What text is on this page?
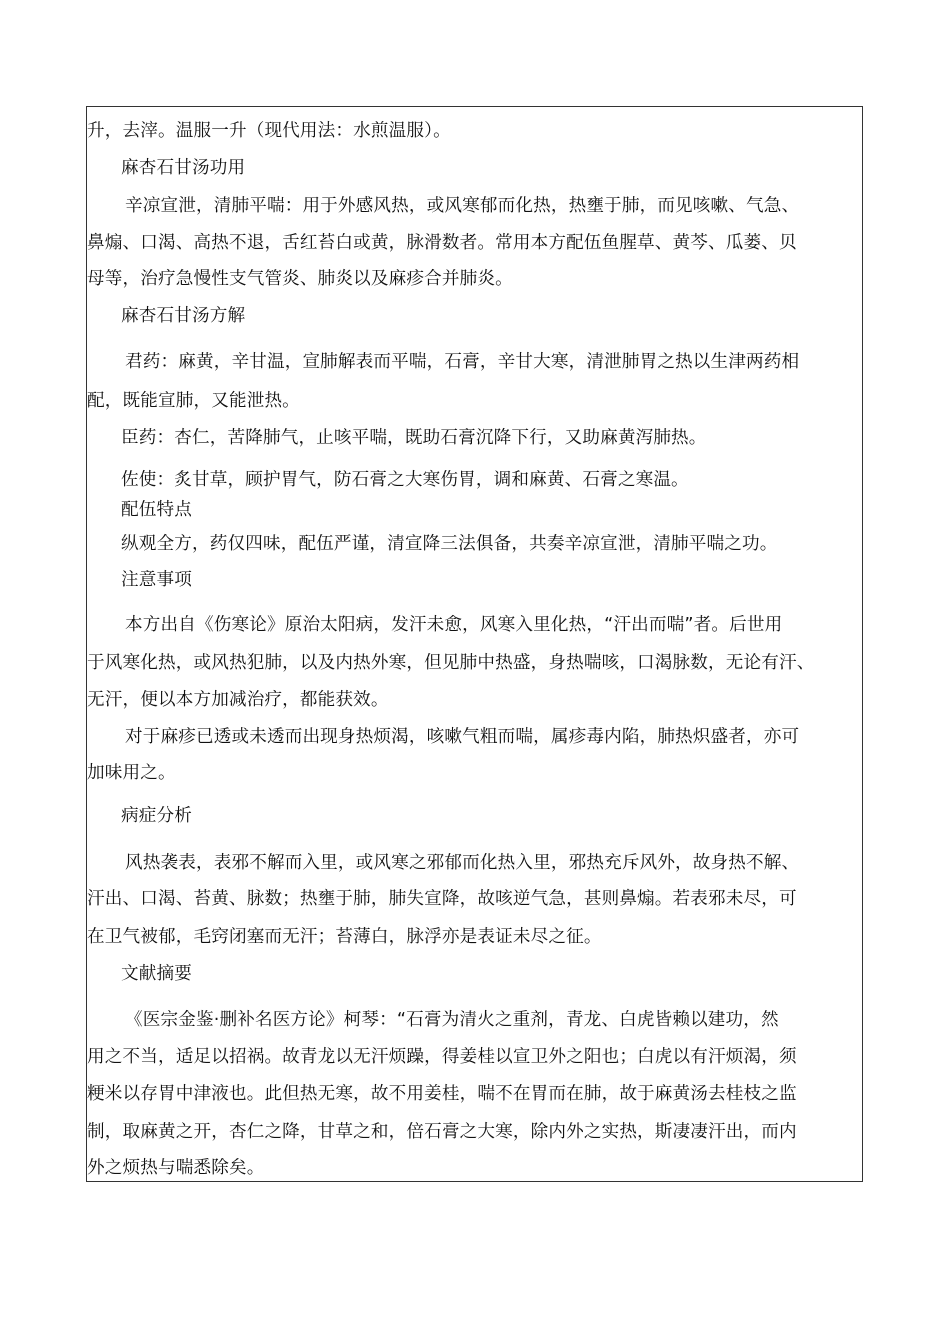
升，去滓。温服一升（现代用法：水煎温服）。
麻杏石甘汤功用
辛凉宣泄，清肺平喘：用于外感风热，或风寒郁而化热，热壅于肺，而见咳嗽、气急、
鼻煽、口渴、高热不退，舌红苔白或黄，脉滑数者。常用本方配伍鱼腥草、黄芩、瓜蒌、贝
母等，治疗急慢性支气管炎、肺炎以及麻疹合并肺炎。
麻杏石甘汤方解
君药：麻黄，辛甘温，宣肺解表而平喘，石膏，辛甘大寒，清泄肺胃之热以生津两药相
配，既能宣肺，又能泄热。
臣药：杏仁，苦降肺气，止咳平喘，既助石膏沉降下行，又助麻黄泻肺热。
佐使：炙甘草，顾护胃气，防石膏之大寒伤胃，调和麻黄、石膏之寒温。
配伍特点
纵观全方，药仅四味，配伍严谨，清宣降三法俱备，共奏辛凉宣泄，清肺平喘之功。
注意事项
本方出自《伤寒论》原治太阳病，发汗未愈，风寒入里化热，“汗出而喘”者。后世用
于风寒化热，或风热犯肺，以及内热外寒，但见肺中热盛，身热喘咳，口渴脉数，无论有汗、
无汗，便以本方加减治疗，都能获效。
对于麻疹已透或未透而出现身热烦渴，咳嗽气粗而喘，属疹毒内陷，肺热炽盛者，亦可
加味用之。
病症分析
风热袭表，表邪不解而入里，或风寒之邪郁而化热入里，邪热充斥风外，故身热不解、
汗出、口渴、苔黄、脉数；热壅于肺，肺失宣降，故咳逆气急，甚则鼻煽。若表邪未尽，可
在卫气被郁，毛窍闭塞而无汗；苔薄白，脉浮亦是表证未尽之征。
文献摘要
《医宗金鉴·删补名医方论》柯琴：“石膏为清火之重剂，青龙、白虎皆赖以建功，然
用之不当，适足以招祸。故青龙以无汗烦躁，得姜桂以宣卫外之阳也；白虎以有汗烦渴，须
粳米以存胃中津液也。此但热无寒，故不用姜桂，喘不在胃而在肺，故于麻黄汤去桂枝之监
制，取麻黄之开，杏仁之降，甘草之和，倍石膏之大寒，除内外之实热，斯凄凄汗出，而内
外之烦热与喘悉除矣。
